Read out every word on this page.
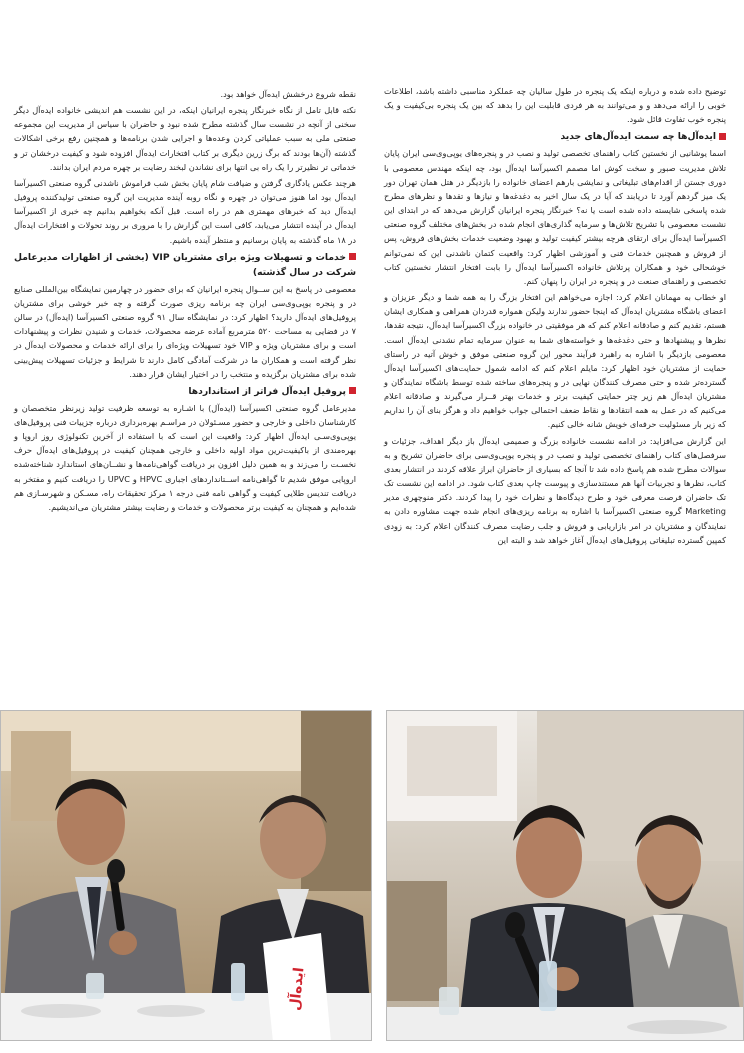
توضیح داده شده و درباره اینکه یک پنجره در طول سالیان چه عملکرد مناسبی داشته باشد، اطلاعات خوبی را ارائه می‌دهد و و می‌توانند به هر فردی قابلیت این را بدهد که بین یک پنجره بی‌کیفیت و یک پنجره خوب تفاوت قائل شود.

ایده‌آل‌ها چه سمت ایده‌آل‌های جدید

اسما یوشانیی از نخستین کتاب راهنمای تخصصی تولید و نصب در و پنجره‌های یوپی‌وی‌سی ایران پایان تلاش مدیریت صبور و سخت کوش اما مصمم اکسیرآسا ایده‌آل بود، چه اینکه مهندس معصومی با دوری جستن از اقدام‌های تبلیغاتی و نمایشی بارهم اعضای خانواده را بازدیگر در هتل همان تهران دور یک میز گردهم آورد تا دریابند که آیا در یک سال اخیر به دغدغه‌ها و نیازها و تقدها و نظرهای مطرح شده پاسخی شایسته داده شده است یا نه؟ خبرنگار پنجره ایرانیان گزارش می‌دهد که در ابتدای این نشست معصومی با تشریح تلاش‌ها و سرمایه گذاری‌های انجام شده در بخش‌های مختلف گروه صنعتی اکسیرآسا ایده‌آل برای ارتقای هرچه بیشتر کیفیت تولید و بهبود وضعیت خدمات بخش‌های فروش، پس از فروش و همچنین خدمات فنی و آموزشی اظهار کرد: واقعیت کتمان ناشدنی این که نمی‌توانم خوشحالی خود و همکاران پرتلاش خانواده اکسیرآسا ایده‌آل را بابت افتخار انتشار نخستین کتاب تخصصی و راهنمای صنعت در و پنجره در ایران را پنهان کنم.

او خطاب به مهمانان اعلام کرد: اجازه می‌خواهم این افتخار بزرگ را به همه شما و دیگر عزیزان و اعضای باشگاه مشتریان ایده‌آل که اینجا حضور ندارند ولیکن همواره قدردان همراهی و همکاری ایشان هستم، تقدیم کنم و صادقانه اعلام کنم که هر موفقیتی در خانواده بزرگ اکسیرآسا ایده‌آل، نتیجه تقدها، نظرها و پیشنهادها و حتی دغدغه‌ها و خواسته‌های شما به عنوان سرمایه تمام نشدنی ایده‌آل است. معصومی بازدیگر با اشاره به راهبرد فرآیند محور این گروه صنعتی موفق و خوش آتیه در راستای حمایت از مشتریان خود اظهار کرد: مایلم اعلام کنم که ادامه شمول حمایت‌های اکسیرآسا ایده‌آل گسترده‌تر شده و حتی مصرف کنندگان نهایی در و پنجره‌های ساخته شده توسط باشگاه نمایندگان و مشتریان ایده‌آل هم زیر چتر حمایتی کیفیت برتر و خدمات بهتر قــرار می‌گیرند و صادقانه اعلام می‌کنیم که در عمل به همه انتقادها و نقاط ضعف احتمالی جواب خواهیم داد و هرگز بنای آن را نداریم که زیر بار مسئولیت حرفه‌ای خویش شانه خالی کنیم.

این گزارش می‌افزاید: در ادامه نشست خانواده بزرگ و صمیمی ایده‌آل باز دیگر اهداف، جزئیات و سرفصل‌های کتاب راهنمای تخصصی تولید و نصب در و پنجره یوپی‌وی‌سی برای حاضران تشریح و به سوالات مطرح شده هم پاسخ داده شد تا آنجا که بسیاری از حاضران ابراز علاقه کردند در انتشار بعدی کتاب، نظرها و تجربیات آنها هم مستندسازی و پیوست چاپ بعدی کتاب شود. در ادامه این نشست تک تک حاضران فرصت معرفی خود و طرح دیدگاه‌ها و نظرات خود را پیدا کردند. دکتر منوچهری مدیر Marketing گروه صنعتی اکسیرآسا با اشاره به برنامه ریزی‌های انجام شده جهت مشاوره دادن به نمایندگان و مشتریان در امر بازاریابی و فروش و جلب رضایت مصرف کنندگان اعلام کرد: به زودی کمپین گسترده تبلیغاتی پروفیل‌های ایده‌آل آغاز خواهد شد و البته این

نقطه شروع درخشش ایده‌آل خواهد بود.

نکته قابل تامل از نگاه خبرنگار پنجره ایرانیان اینکه، در این نشست هم اندیشی خانواده ایده‌آل دیگر سخنی از آنچه در نشست سال گذشته مطرح شده نبود و حاضران با سیاس از مدیریت این مجموعه صنعتی ملی به سبب عملیاتی کردن وعده‌ها و اجرایی شدن برنامه‌ها و همچنین رفع برخی اشکالات گذشته (آن‌ها بودند که برگ زرین دیگری بر کتاب افتخارات ایده‌آل افزوده شود و کیفیت درخشان تر و خدماتی تر نظیرتر را یک راه بی انتها برای نشاندن لبخند رضایت بر چهره مردم ایران بدانند.

هرچند عکس یادگاری گرفتن و ضیافت شام پایان بخش شب فراموش ناشدنی گروه صنعتی اکسیرآسا ایده‌آل بود اما هنوز می‌توان در چهره و نگاه روبه آینده مدیریت این گروه صنعتی تولیدکننده پروفیل ایده‌آل دید که خبرهای مهمتری هم در راه است. قبل آنکه بخواهیم بدانیم چه خبری از اکسیرآسا ایده‌آل در آینده انتشار می‌یابد، کافی است این گزارش را با مروری بر روند تحولات و افتخارات ایده‌آل در ۱۸ ماه گذشته به پایان برسانیم و منتظر آینده باشیم.

خدمات و تسهیلات ویژه برای مشتریان VIP (بخشی از اظهارات مدیرعامل شرکت در سال گذشته)

معصومی در پاسخ به این ســوال پنجره ایرانیان که برای حضور در چهارمین نمایشگاه بین‌المللی صنایع در و پنجره یوپی‌وی‌سی ایران چه برنامه ریزی صورت گرفته و چه خبر خوشی برای مشتریان پروفیل‌های ایده‌آل دارید؟ اظهار کرد: در نمایشگاه سال ۹۱ گروه صنعتی اکسیرآسا (ایده‌آل) در سالن ۷ در فضایی به مساحت ۵۲۰ مترمربع آماده عرضه محصولات، خدمات و شنیدن نظرات و پیشنهادات است و برای مشتریان ویژه و VIP خود تسهیلات ویژه‌ای را برای ارائه خدمات و محصولات ایده‌آل در نظر گرفته است و همکاران ما در شرکت آمادگی کامل دارند تا شرایط و جزئیات تسهیلات پیش‌بینی شده برای مشتریان برگزیده و منتخب را در اختیار ایشان قرار دهند.

پروفیل ایده‌آل فراتر از استانداردها

مدیرعامل گروه صنعتی اکسیرآسا (ایده‌آل) با اشـاره به توسعه ظرفیت تولید زیرنظر متخصصان و کارشناسان داخلی و خارجی و حضور مسـئولان در مراسـم بهره‌برداری درباره جزییات فنی پروفیل‌های یوپی‌وی‌سـی ایده‌آل اظهار کرد: واقعیت این است که با استفاده از آخرین تکنولوژی روز اروپا و بهره‌مندی از باکیفیت‌ترین مواد اولیه داخلی و خارجی همچنان کیفیت در پروفیل‌های ایده‌آل حرف نخسـت را می‌زند و به همین دلیل افزون بر دریافت گواهی‌نامه‌ها و نشــان‌های استاندارد شناخته‌شده اروپایی موفق شدیم تا گواهی‌نامه اســتانداردهای اجباری HPVC و UPVC را دریافت کنیم و مفتخر به دریافت تندیس طلایی کیفیت و گواهی نامه فنی درجه ۱ مرکز تحقیقات راه، مسـکن و شهرسـازی هم شده‌ایم و همچنان به کیفیت برتر محصولات و خدمات و رضایت بیشتر مشتریان می‌اندیشیم.

ایده‌آل
